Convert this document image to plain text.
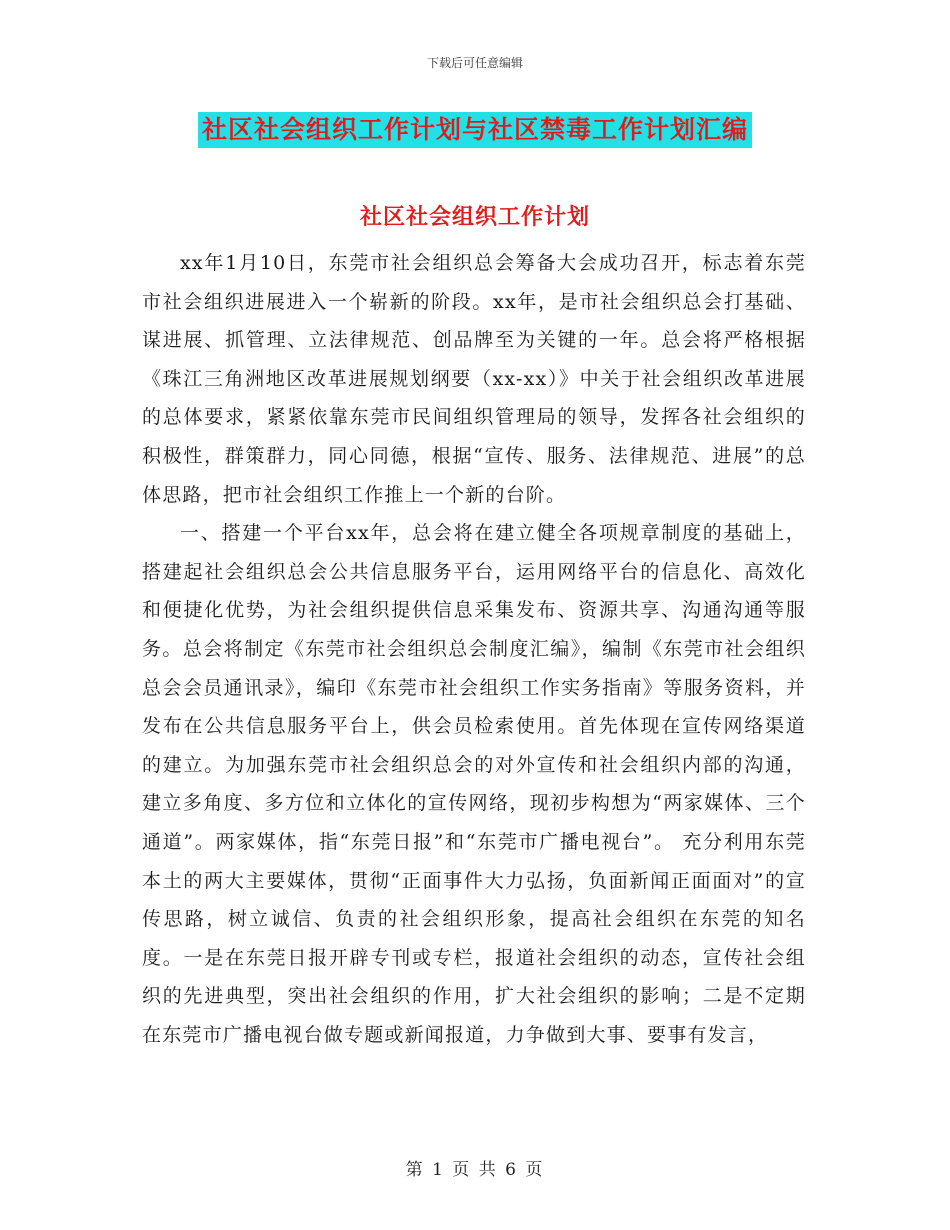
下载后可任意编辑
社区社会组织工作计划与社区禁毒工作计划汇编
社区社会组织工作计划

xx年1月10日，东莞市社会组织总会筹备大会成功召开，标志着东莞市社会组织进展进入一个崭新的阶段。xx年，是市社会组织总会打基础、谋进展、抓管理、立法律规范、创品牌至为关键的一年。总会将严格根据《珠江三角洲地区改革进展规划纲要（xx-xx）》中关于社会组织改革进展的总体要求，紧紧依靠东莞市民间组织管理局的领导，发挥各社会组织的积极性，群策群力，同心同德，根据“宣传、服务、法律规范、进展”的总体思路，把市社会组织工作推上一个新的台阶。

一、搭建一个平台xx年，总会将在建立健全各项规章制度的基础上，搭建起社会组织总会公共信息服务平台，运用网络平台的信息化、高效化和便捷化优势，为社会组织提供信息采集发布、资源共享、沟通沟通等服务。总会将制定《东莞市社会组织总会制度汇编》，编制《东莞市社会组织总会会员通讯录》，编印《东莞市社会组织工作实务指南》等服务资料，并发布在公共信息服务平台上，供会员检索使用。首先体现在宣传网络渠道的建立。为加强东莞市社会组织总会的对外宣传和社会组织内部的沟通，建立多角度、多方位和立体化的宣传网络，现初步构想为“两家媒体、三个通道”。两家媒体，指“东莞日报”和“东莞市广播电视台”。 充分利用东莞本土的两大主要媒体，贯彻“正面事件大力弘扬，负面新闻正面面对”的宣传思路，树立诚信、负责的社会组织形象，提高社会组织在东莞的知名度。一是在东莞日报开辟专刊或专栏，报道社会组织的动态，宣传社会组织的先进典型，突出社会组织的作用，扩大社会组织的影响；二是不定期在东莞市广播电视台做专题或新闻报道，力争做到大事、要事有发言，

第 1 页 共 6 页
